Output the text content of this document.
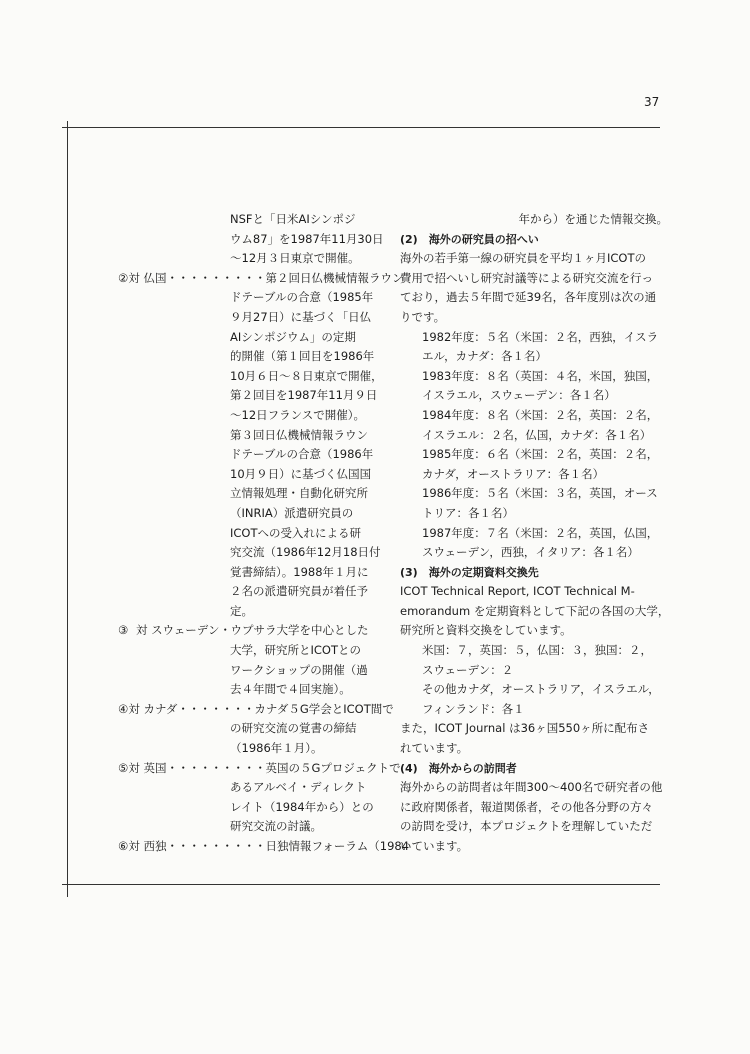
37
NSFと「日米AIシンポジ
ウム87」を1987年11月30日
～12月３日東京で開催。
② 対 仏国 ・・・・・・・・・ 第２回日仏機械情報ラウン
ドテーブルの合意（1985年
９月27日）に基づく「日仏
AIシンポジウム」の定期
的開催（第１回目を1986年
10月６日～８日東京で開催，
第２回目を1987年11月９日
～12日フランスで開催）。
第３回日仏機械情報ラウン
ドテーブルの合意（1986年
10月９日）に基づく仏国国
立情報処理・自動化研究所
（INRIA）派遣研究員の
ICOTへの受入れによる研
究交流（1986年12月18日付
覚書締結）。1988年１月に
２名の派遣研究員が着任予
定。
③ 対 スウェーデン ・ ウプサラ大学を中心とした
大学，研究所とICOTとの
ワークショップの開催（過
去４年間で４回実施）。
④ 対 カナダ ・・・・・・・ カナダ５G学会とICOT間で
の研究交流の覚書の締結
（1986年１月）。
⑤ 対 英国 ・・・・・・・・・ 英国の５Gプロジェクトで
あるアルベイ・ディレクト
レイト（1984年から）との
研究交流の討議。
⑥ 対 西独 ・・・・・・・・・ 日独情報フォーラム（1984
年から）を通じた情報交換。
(2)　海外の研究員の招へい
海外の若手第一線の研究員を平均１ヶ月ICOTの
費用で招へいし研究討議等による研究交流を行っ
ており，過去５年間で延39名，各年度別は次の通
りです。
1982年度：５名（米国：２名，西独，イスラ
エル，カナダ：各１名）
1983年度：８名（英国：４名，米国，独国，
イスラエル，スウェーデン：各１名）
1984年度：８名（米国：２名，英国：２名，
イスラエル：２名，仏国，カナダ：各１名）
1985年度：６名（米国：２名，英国：２名，
カナダ，オーストラリア：各１名）
1986年度：５名（米国：３名，英国，オース
トリア：各１名）
1987年度：７名（米国：２名，英国，仏国，
スウェーデン，西独，イタリア：各１名）
(3)　海外の定期資料交換先
ICOT Technical Report, ICOT Technical M-
emorandum を定期資料として下記の各国の大学，
研究所と資料交換をしています。
米国：７，英国：５，仏国：３，独国：２，
スウェーデン：２
その他カナダ，オーストラリア，イスラエル，
フィンランド：各１
また，ICOT Journal は36ヶ国550ヶ所に配布さ
れています。
(4)　海外からの訪問者
海外からの訪問者は年間300～400名で研究者の他
に政府関係者，報道関係者，その他各分野の方々
の訪問を受け，本プロジェクトを理解していただ
いています。
